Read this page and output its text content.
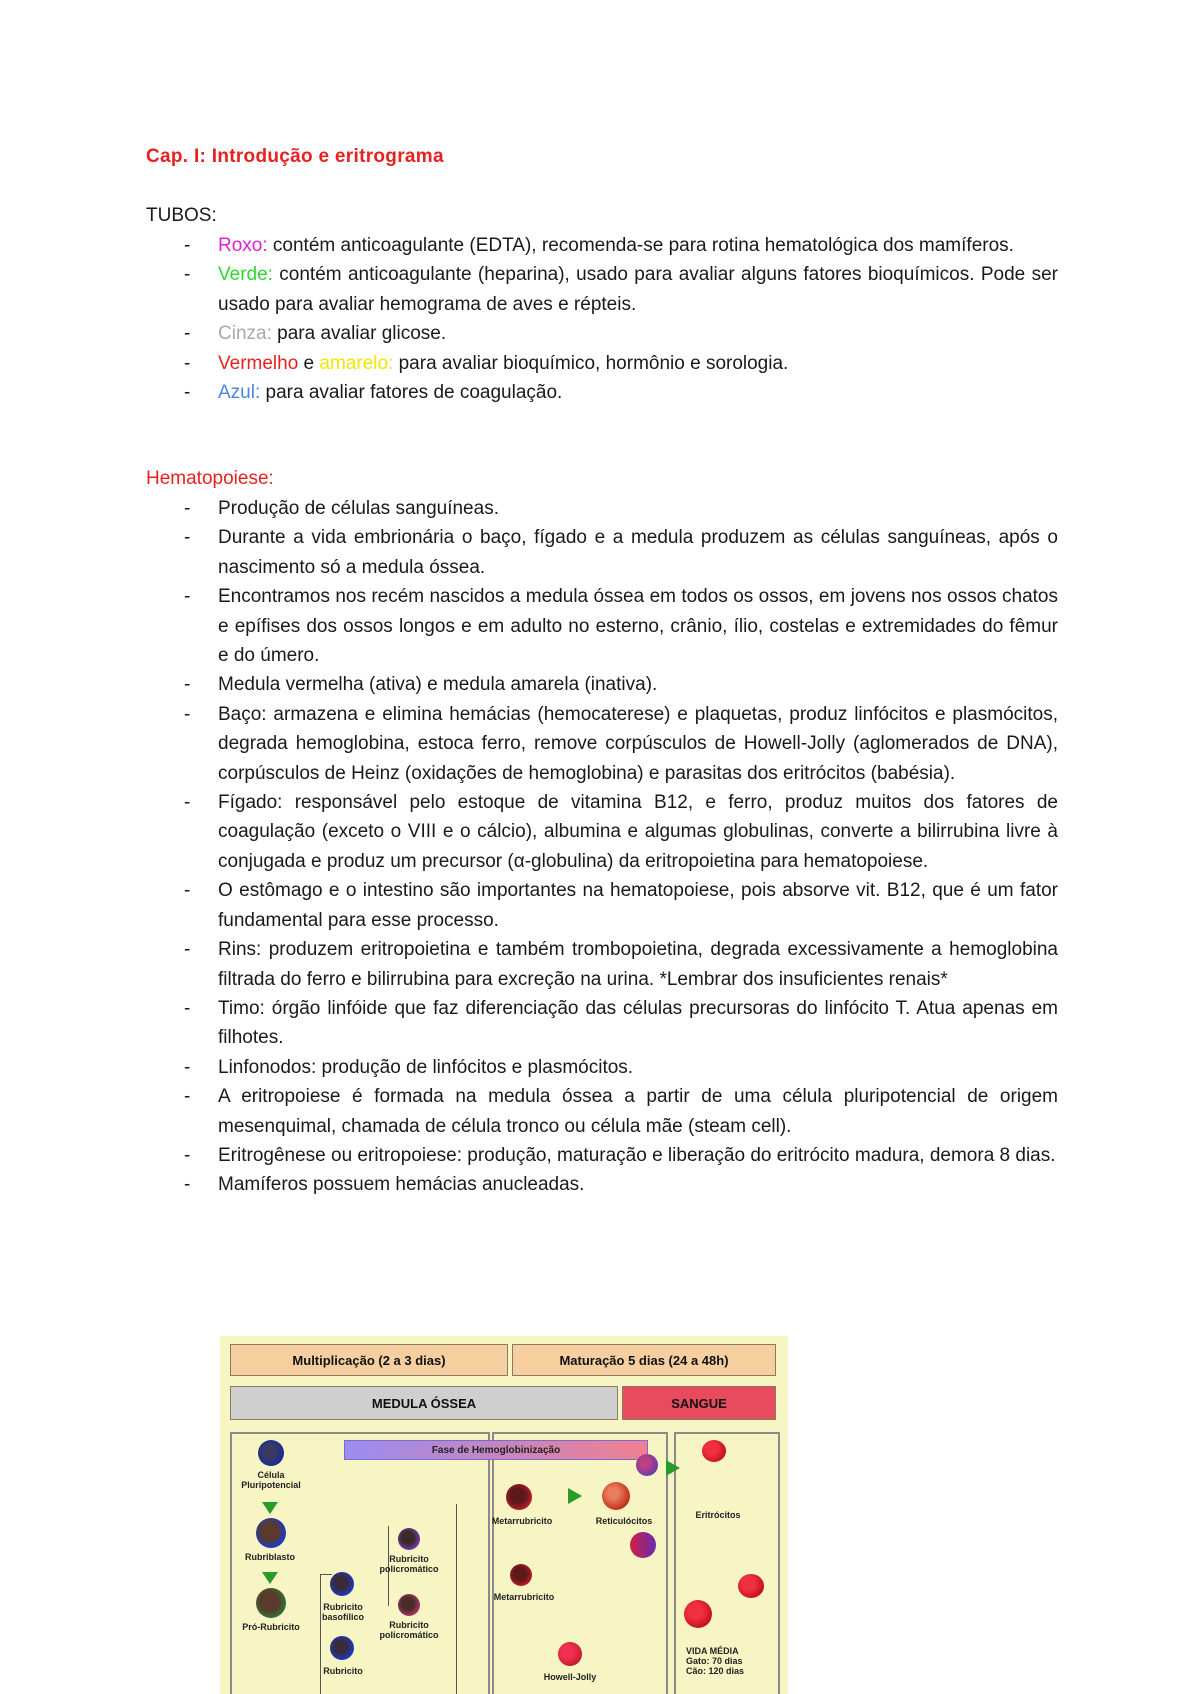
Cap. I: Introdução e eritrograma
TUBOS:
- Roxo: contém anticoagulante (EDTA), recomenda-se para rotina hematológica dos mamíferos.
- Verde: contém anticoagulante (heparina), usado para avaliar alguns fatores bioquímicos. Pode ser usado para avaliar hemograma de aves e répteis.
- Cinza: para avaliar glicose.
- Vermelho e amarelo: para avaliar bioquímico, hormônio e sorologia.
- Azul: para avaliar fatores de coagulação.
Hematopoiese:
- Produção de células sanguíneas.
- Durante a vida embrionária o baço, fígado e a medula produzem as células sanguíneas, após o nascimento só a medula óssea.
- Encontramos nos recém nascidos a medula óssea em todos os ossos, em jovens nos ossos chatos e epífises dos ossos longos e em adulto no esterno, crânio, ílio, costelas e extremidades do fêmur e do úmero.
- Medula vermelha (ativa) e medula amarela (inativa).
- Baço: armazena e elimina hemácias (hemocaterese) e plaquetas, produz linfócitos e plasmócitos, degrada hemoglobina, estoca ferro, remove corpúsculos de Howell-Jolly (aglomerados de DNA), corpúsculos de Heinz (oxidações de hemoglobina) e parasitas dos eritrócitos (babésia).
- Fígado: responsável pelo estoque de vitamina B12, e ferro, produz muitos dos fatores de coagulação (exceto o VIII e o cálcio), albumina e algumas globulinas, converte a bilirrubina livre à conjugada e produz um precursor (α-globulina) da eritropoietina para hematopoiese.
- O estômago e o intestino são importantes na hematopoiese, pois absorve vit. B12, que é um fator fundamental para esse processo.
- Rins: produzem eritropoietina e também trombopoietina, degrada excessivamente a hemoglobina filtrada do ferro e bilirrubina para excreção na urina. *Lembrar dos insuficientes renais*
- Timo: órgão linfóide que faz diferenciação das células precursoras do linfócito T. Atua apenas em filhotes.
- Linfonodos: produção de linfócitos e plasmócitos.
- A eritropoiese é formada na medula óssea a partir de uma célula pluripotencial de origem mesenquimal, chamada de célula tronco ou célula mãe (steam cell).
- Eritrogênese ou eritropoiese: produção, maturação e liberação do eritrócito madura, demora 8 dias.
- Mamíferos possuem hemácias anucleadas.
Multiplicação (2 a 3 dias)	Maturação 5 dias (24 a 48h)
MEDULA ÓSSEA	SANGUE
Fase de Hemoglobinização
Célula
Pluripotencial
Rubriblasto
Pró-Rubricito
Rubricito
basofílico
Rubricito
Rubricito
policromático
Rubricito
policromático
Metarrubricito	Reticulócitos
Metarrubricito
Howell-Jolly
Eritrócitos
VIDA MÉDIA
Gato: 70 dias
Cão: 120 dias
